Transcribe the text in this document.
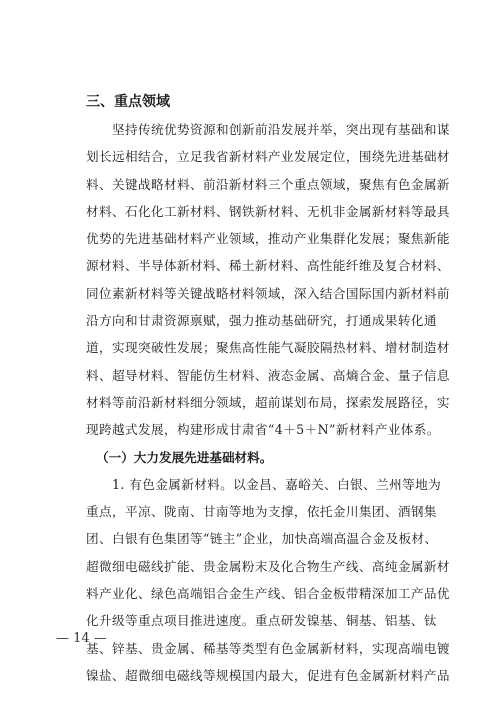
三、重点领域
坚持传统优势资源和创新前沿发展并举，突出现有基础和谋
划长远相结合，立足我省新材料产业发展定位，围绕先进基础材
料、关键战略材料、前沿新材料三个重点领域，聚焦有色金属新
材料、石化化工新材料、钢铁新材料、无机非金属新材料等最具
优势的先进基础材料产业领域，推动产业集群化发展；聚焦新能
源材料、半导体新材料、稀土新材料、高性能纤维及复合材料、
同位素新材料等关键战略材料领域，深入结合国际国内新材料前
沿方向和甘肃资源禀赋，强力推动基础研究，打通成果转化通
道，实现突破性发展；聚焦高性能气凝胶隔热材料、增材制造材
料、超导材料、智能仿生材料、液态金属、高熵合金、量子信息
材料等前沿新材料细分领域，超前谋划布局，探索发展路径，实
现跨越式发展，构建形成甘肃省“4＋5＋N”新材料产业体系。
（一）大力发展先进基础材料。
1. 有色金属新材料。以金昌、嘉峪关、白银、兰州等地为
重点，平凉、陇南、甘南等地为支撑，依托金川集团、酒钢集
团、白银有色集团等“链主”企业，加快高端高温合金及板材、
超微细电磁线扩能、贵金属粉末及化合物生产线、高纯金属新材
料产业化、绿色高端铝合金生产线、铝合金板带精深加工产品优
化升级等重点项目推进速度。重点研发镍基、铜基、铝基、钛
基、锌基、贵金属、稀基等类型有色金属新材料，实现高端电镀
镍盐、超微细电磁线等规模国内最大，促进有色金属新材料产品
— 14 —
